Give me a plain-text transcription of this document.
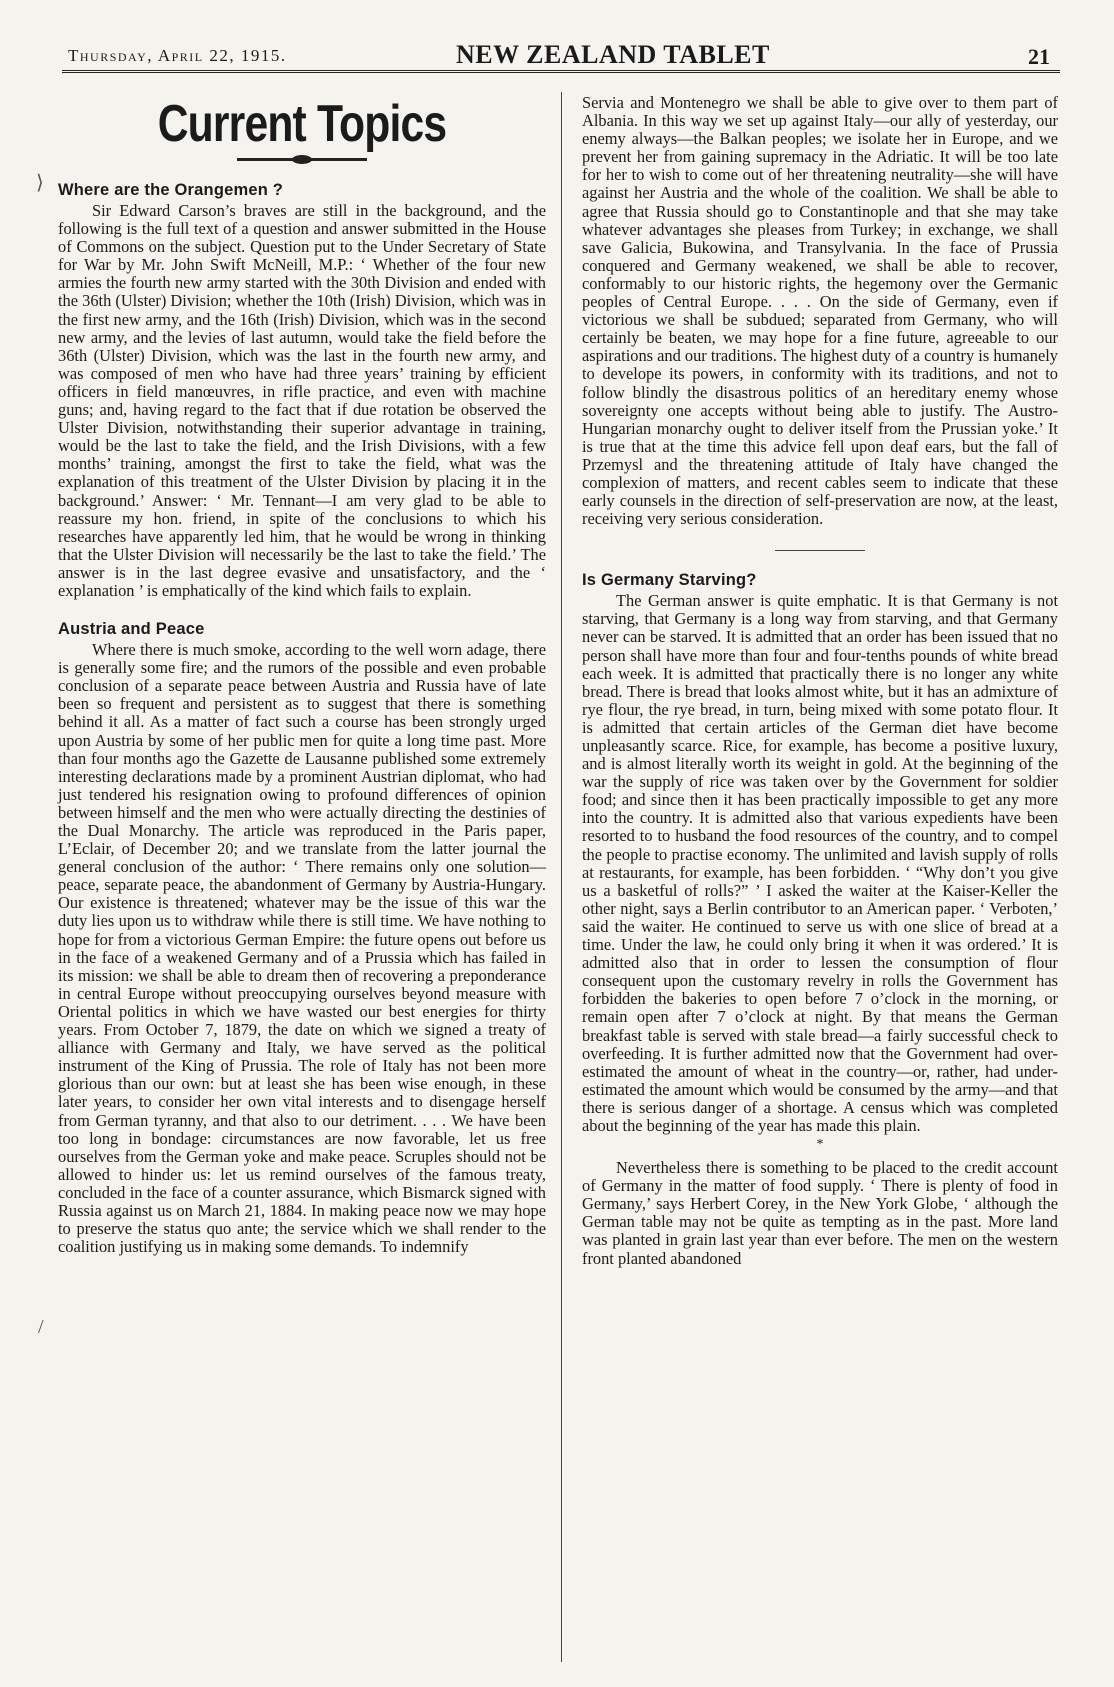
Thursday, April 22, 1915.	NEW ZEALAND TABLET	21
⟩
/
Current Topics
Where are the Orangemen ?

Sir Edward Carson’s braves are still in the background, and the following is the full text of a question and answer submitted in the House of Commons on the subject. Question put to the Under Secretary of State for War by Mr. John Swift McNeill, M.P.: ‘ Whether of the four new armies the fourth new army started with the 30th Division and ended with the 36th (Ulster) Division; whether the 10th (Irish) Division, which was in the first new army, and the 16th (Irish) Division, which was in the second new army, and the levies of last autumn, would take the field before the 36th (Ulster) Division, which was the last in the fourth new army, and was composed of men who have had three years’ training by efficient officers in field manœuvres, in rifle practice, and even with machine guns; and, having regard to the fact that if due rotation be observed the Ulster Division, notwithstanding their superior advantage in training, would be the last to take the field, and the Irish Divisions, with a few months’ training, amongst the first to take the field, what was the explanation of this treatment of the Ulster Division by placing it in the background.’ Answer: ‘ Mr. Tennant—I am very glad to be able to reassure my hon. friend, in spite of the conclusions to which his researches have apparently led him, that he would be wrong in thinking that the Ulster Division will necessarily be the last to take the field.’ The answer is in the last degree evasive and unsatisfactory, and the ‘ explanation ’ is emphatically of the kind which fails to explain.

Austria and Peace

Where there is much smoke, according to the well worn adage, there is generally some fire; and the rumors of the possible and even probable conclusion of a separate peace between Austria and Russia have of late been so frequent and persistent as to suggest that there is something behind it all. As a matter of fact such a course has been strongly urged upon Austria by some of her public men for quite a long time past. More than four months ago the Gazette de Lausanne published some extremely interesting declarations made by a prominent Austrian diplomat, who had just tendered his resignation owing to profound differences of opinion between himself and the men who were actually directing the destinies of the Dual Monarchy. The article was reproduced in the Paris paper, L’Eclair, of December 20; and we translate from the latter journal the general conclusion of the author: ‘ There remains only one solution—peace, separate peace, the abandonment of Germany by Austria-Hungary. Our existence is threatened; whatever may be the issue of this war the duty lies upon us to withdraw while there is still time. We have nothing to hope for from a victorious German Empire: the future opens out before us in the face of a weakened Germany and of a Prussia which has failed in its mission: we shall be able to dream then of recovering a preponderance in central Europe without preoccupying ourselves beyond measure with Oriental politics in which we have wasted our best energies for thirty years. From October 7, 1879, the date on which we signed a treaty of alliance with Germany and Italy, we have served as the political instrument of the King of Prussia. The role of Italy has not been more glorious than our own: but at least she has been wise enough, in these later years, to consider her own vital interests and to disengage herself from German tyranny, and that also to our detriment. . . . We have been too long in bondage: circumstances are now favorable, let us free ourselves from the German yoke and make peace. Scruples should not be allowed to hinder us: let us remind ourselves of the famous treaty, concluded in the face of a counter assurance, which Bismarck signed with Russia against us on March 21, 1884. In making peace now we may hope to preserve the status quo ante; the service which we shall render to the coalition justifying us in making some demands. To indemnify

Servia and Montenegro we shall be able to give over to them part of Albania. In this way we set up against Italy—our ally of yesterday, our enemy always—the Balkan peoples; we isolate her in Europe, and we prevent her from gaining supremacy in the Adriatic. It will be too late for her to wish to come out of her threatening neutrality—she will have against her Austria and the whole of the coalition. We shall be able to agree that Russia should go to Constantinople and that she may take whatever advantages she pleases from Turkey; in exchange, we shall save Galicia, Bukowina, and Transylvania. In the face of Prussia conquered and Germany weakened, we shall be able to recover, conformably to our historic rights, the hegemony over the Germanic peoples of Central Europe. . . . On the side of Germany, even if victorious we shall be subdued; separated from Germany, who will certainly be beaten, we may hope for a fine future, agreeable to our aspirations and our traditions. The highest duty of a country is humanely to develope its powers, in conformity with its traditions, and not to follow blindly the disastrous politics of an hereditary enemy whose sovereignty one accepts without being able to justify. The Austro-Hungarian monarchy ought to deliver itself from the Prussian yoke.’ It is true that at the time this advice fell upon deaf ears, but the fall of Przemysl and the threatening attitude of Italy have changed the complexion of matters, and recent cables seem to indicate that these early counsels in the direction of self-preservation are now, at the least, receiving very serious consideration.

Is Germany Starving?

The German answer is quite emphatic. It is that Germany is not starving, that Germany is a long way from starving, and that Germany never can be starved. It is admitted that an order has been issued that no person shall have more than four and four-tenths pounds of white bread each week. It is admitted that practically there is no longer any white bread. There is bread that looks almost white, but it has an admixture of rye flour, the rye bread, in turn, being mixed with some potato flour. It is admitted that certain articles of the German diet have become unpleasantly scarce. Rice, for example, has become a positive luxury, and is almost literally worth its weight in gold. At the beginning of the war the supply of rice was taken over by the Government for soldier food; and since then it has been practically impossible to get any more into the country. It is admitted also that various expedients have been resorted to to husband the food resources of the country, and to compel the people to practise economy. The unlimited and lavish supply of rolls at restaurants, for example, has been forbidden. ‘ “Why don’t you give us a basketful of rolls?” ’ I asked the waiter at the Kaiser-Keller the other night, says a Berlin contributor to an American paper. ‘ Verboten,’ said the waiter. He continued to serve us with one slice of bread at a time. Under the law, he could only bring it when it was ordered.’ It is admitted also that in order to lessen the consumption of flour consequent upon the customary revelry in rolls the Government has forbidden the bakeries to open before 7 o’clock in the morning, or remain open after 7 o’clock at night. By that means the German breakfast table is served with stale bread—a fairly successful check to overfeeding. It is further admitted now that the Government had over-estimated the amount of wheat in the country—or, rather, had under-estimated the amount which would be consumed by the army—and that there is serious danger of a shortage. A census which was completed about the beginning of the year has made this plain.

*

Nevertheless there is something to be placed to the credit account of Germany in the matter of food supply. ‘ There is plenty of food in Germany,’ says Herbert Corey, in the New York Globe, ‘ although the German table may not be quite as tempting as in the past. More land was planted in grain last year than ever before. The men on the western front planted abandoned
